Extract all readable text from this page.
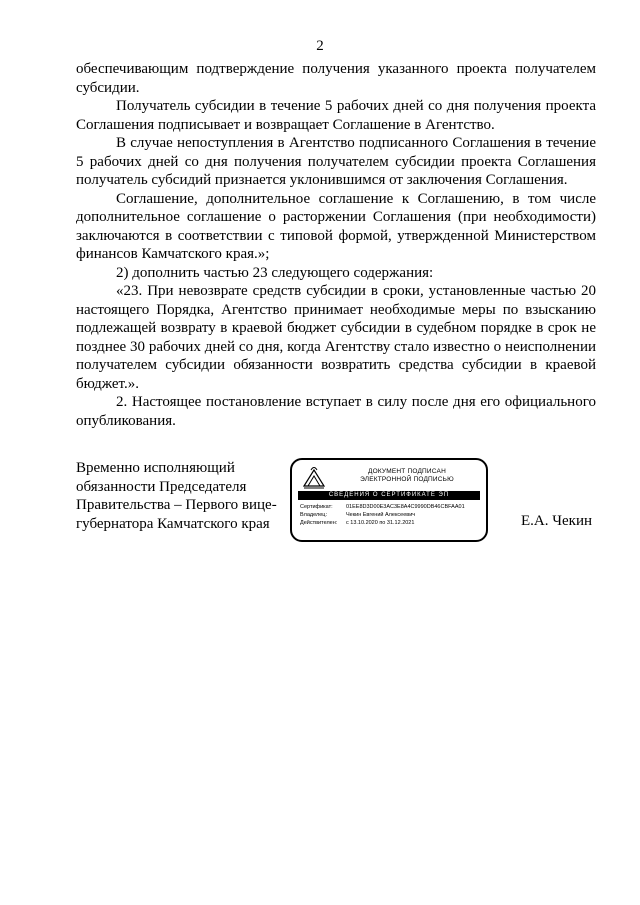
2

обеспечивающим подтверждение получения указанного проекта получателем субсидии.

Получатель субсидии в течение 5 рабочих дней со дня получения проекта Соглашения подписывает и возвращает Соглашение в Агентство.

В случае непоступления в Агентство подписанного Соглашения в течение 5 рабочих дней со дня получения получателем субсидии проекта Соглашения получатель субсидий признается уклонившимся от заключения Соглашения.

Соглашение, дополнительное соглашение к Соглашению, в том числе дополнительное соглашение о расторжении Соглашения (при необходимости) заключаются в соответствии с типовой формой, утвержденной Министерством финансов Камчатского края.»;

2) дополнить частью 23 следующего содержания:

«23. При невозврате средств субсидии в сроки, установленные частью 20 настоящего Порядка, Агентство принимает необходимые меры по взысканию подлежащей возврату в краевой бюджет субсидии в судебном порядке в срок не позднее 30 рабочих дней со дня, когда Агентству стало известно о неисполнении получателем субсидии обязанности возвратить средства субсидии в краевой бюджет.».

2. Настоящее постановление вступает в силу после дня его официального опубликования.

Временно исполняющий
обязанности Председателя
Правительства – Первого вице-
губернатора Камчатского края
ДОКУМЕНТ ПОДПИСАН
ЭЛЕКТРОННОЙ ПОДПИСЬЮ
СВЕДЕНИЯ О СЕРТИФИКАТЕ ЭП
Сертификат:	01EE8D3D00E3AC3E8A4C9990DB46CBFAA01
Владелец:	Чекин Евгений Алексеевич
Действителен:	с 13.10.2020 по 31.12.2021	Е.А. Чекин
